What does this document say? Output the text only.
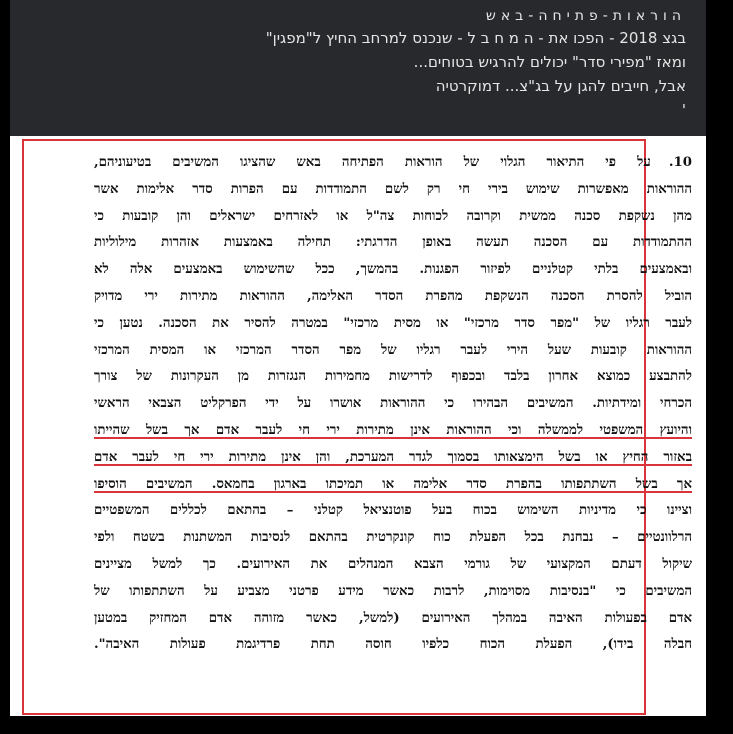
הוראות-פתיחה-באש
בגצ 2018 - הפכו את - ה מ ח ב ל - שנכנס למרחב החיץ ל"מפגין"
ומאז "מפירי סדר" יכולים להרגיש בטוחים...
אבל, חייבים להגן על בג"צ... דמוקרטיה
'
10.על פי התיאור הגלוי של הוראות הפתיחה באש שהציגו המשיבים בטיעוניהם,
ההוראות מאפשרות שימוש בירי חי רק לשם התמודדות עם הפרות סדר אלימות אשר
מהן נשקפת סכנה ממשית וקרובה לכוחות צה"ל או לאזרחים ישראלים והן קובעות כי
ההתמודדות עם הסכנה תעשה באופן הדרגתי: תחילה באמצעות אזהרות מילוליות
ובאמצעים בלתי קטלניים לפיזור הפגנות. בהמשך, ככל שהשימוש באמצעים אלה לא
הוביל להסרת הסכנה הנשקפת מהפרת הסדר האלימה, ההוראות מתירות ירי מדויק
לעבר רגליו של "מפר סדר מרכזי" או מסית מרכזי" במטרה להסיר את הסכנה. נטען כי
ההוראות קובעות שעל הירי לעבר רגליו של מפר הסדר המרכזי או המסית המרכזי
להתבצע כמוצא אחרון בלבד ובכפוף לדרישות מחמירות הנגזרות מן העקרונות של צורך
הכרחי ומידתיות. המשיבים הבהירו כי ההוראות אושרו על ידי הפרקליט הצבאי הראשי
והיועץ המשפטי לממשלה וכי ההוראות אינן מתירות ירי חי לעבר אדם אך בשל שהייתו
באזור החיץ או בשל הימצאותו בסמוך לגדר המערכת, והן אינן מתירות ירי חי לעבר אדם
אך בשל השתתפותו בהפרת סדר אלימה או תמיכתו בארגון בחמאס. המשיבים הוסיפו
וציינו כי מדיניות השימוש בכוח בעל פוטנציאל קטלני – בהתאם לכללים המשפטיים
הרלוונטיים – נבחנת בכל הפעלת כוח קונקרטית בהתאם לנסיבות המשתנות בשטח ולפי
שיקול דעתם המקצועי של גורמי הצבא המנהלים את האירועים. כך למשל מציינים
המשיבים כי "בנסיבות מסוימות, לרבות כאשר מידע פרטני מצביע על השתתפותו של
אדם בפעולות האיבה במהלך האירועים (למשל, כאשר מזוהה אדם המחזיק במטען
חבלה בידו), הפעלת הכוח כלפיו חוסה תחת פרדיגמת פעולות האיבה".
